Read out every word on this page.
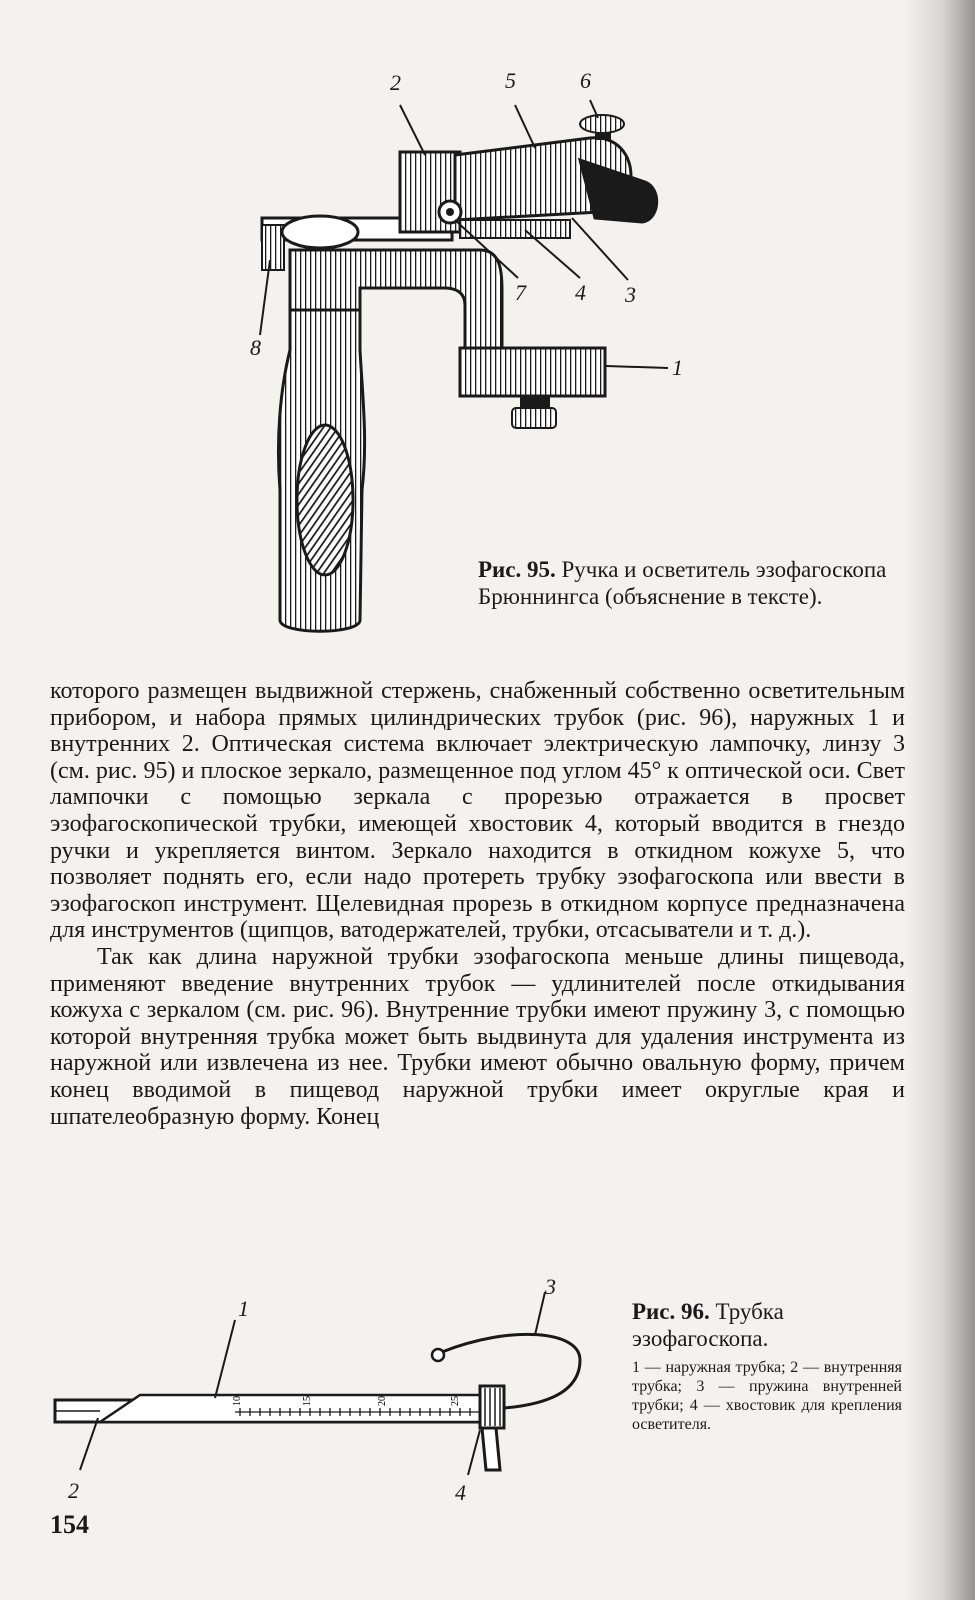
2	5	6
7 4 3
8
1
Рис. 95. Ручка и осветитель эзофагоскопа Брюннингса (объяснение в тексте).

которого размещен выдвижной стержень, снабженный собственно осветительным прибором, и набора прямых цилиндрических трубок (рис. 96), наружных 1 и внутренних 2. Оптическая система включает электрическую лампочку, линзу 3 (см. рис. 95) и плоское зеркало, размещенное под углом 45° к оптической оси. Свет лампочки с помощью зеркала с прорезью отражается в просвет эзофагоскопической трубки, имеющей хвостовик 4, который вводится в гнездо ручки и укрепляется винтом. Зеркало находится в откидном кожухе 5, что позволяет поднять его, если надо протереть трубку эзофагоскопа или ввести в эзофагоскоп инструмент. Щелевидная прорезь в откидном корпусе предназначена для инструментов (щипцов, ватодержателей, трубки, отсасыватели и т. д.).

Так как длина наружной трубки эзофагоскопа меньше длины пищевода, применяют введение внутренних трубок — удлинителей после откидывания кожуха с зеркалом (см. рис. 96). Внутренние трубки имеют пружину 3, с помощью которой внутренняя трубка может быть выдвинута для удаления инструмента из наружной или извлечена из нее. Трубки имеют обычно овальную форму, причем конец вводимой в пищевод наружной трубки имеет округлые края и шпателеобразную форму. Конец

10	15	20	25
1
2
3
4
Рис. 96. Трубка эзофагоскопа.
1 — наружная трубка; 2 — внутренняя трубка; 3 — пружина внутренней трубки; 4 — хвостовик для крепления осветителя.
154
